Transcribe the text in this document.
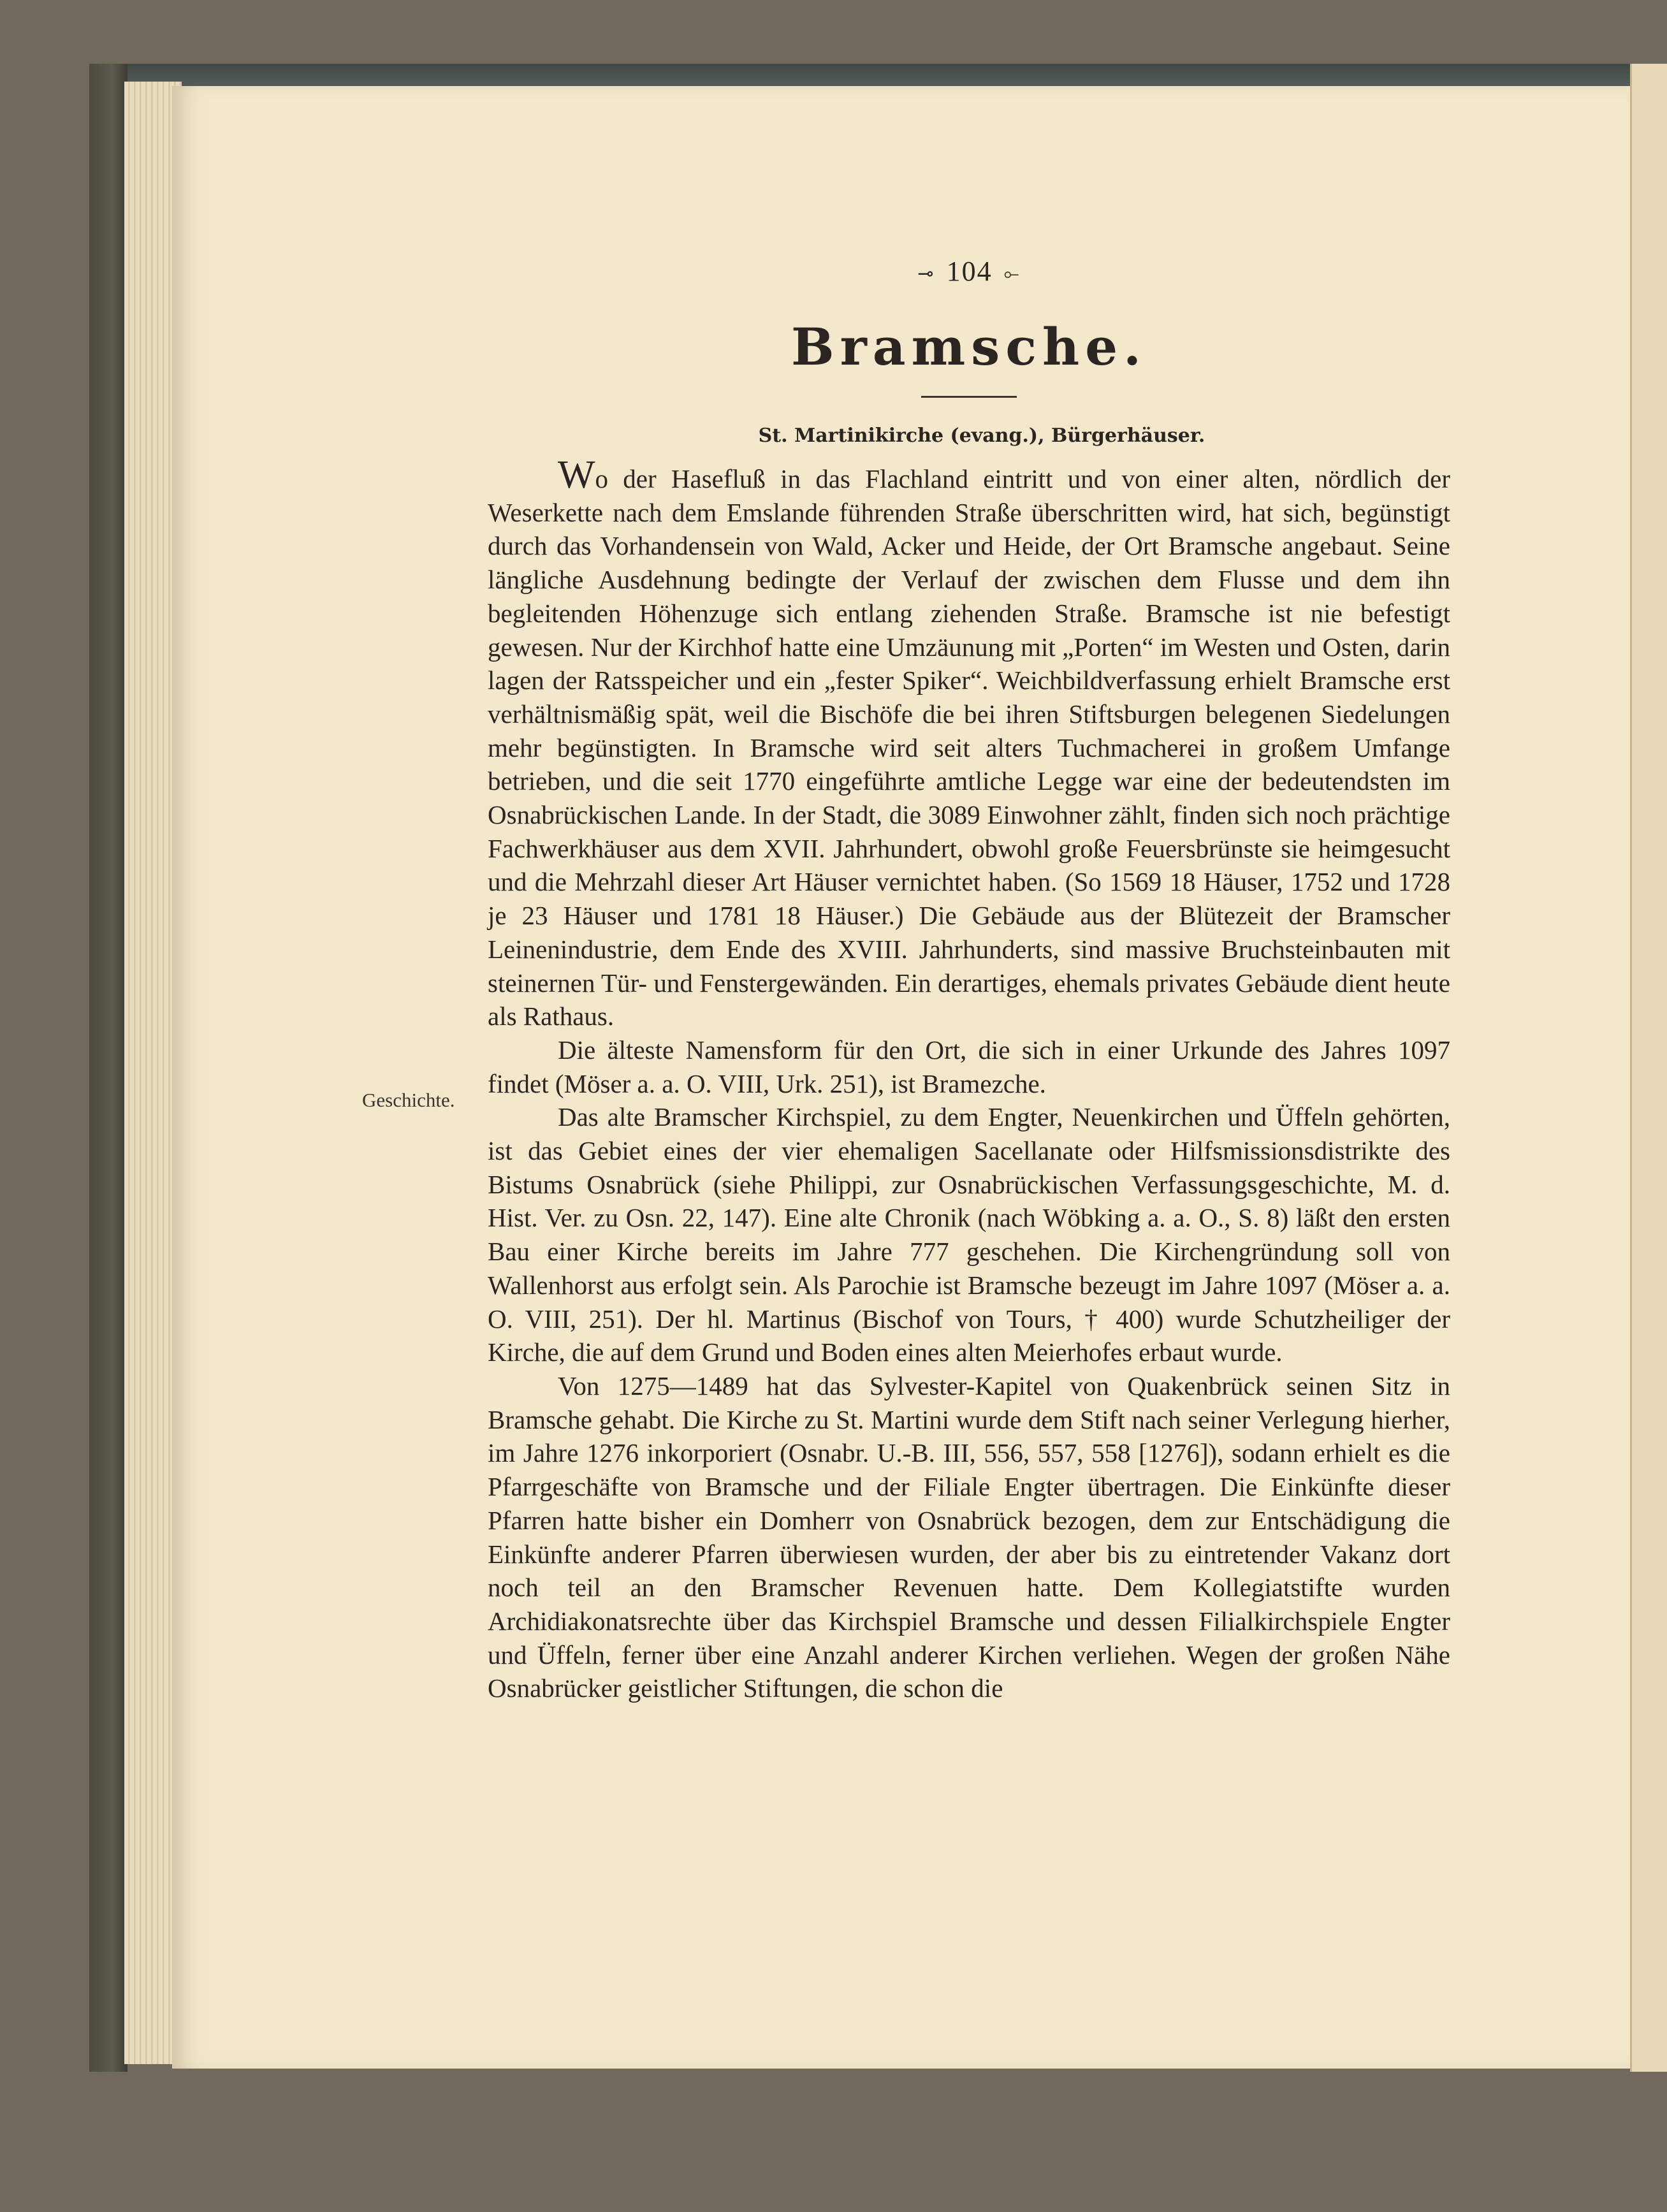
Geschichte.
⊸ 104 ⟜
Bramsche.
St. Martinikirche (evang.), Bürgerhäuser.

Wo der Hasefluß in das Flachland eintritt und von einer alten, nördlich der Weserkette nach dem Emslande führenden Straße überschritten wird, hat sich, begünstigt durch das Vorhandensein von Wald, Acker und Heide, der Ort Bramsche angebaut. Seine längliche Ausdehnung bedingte der Verlauf der zwischen dem Flusse und dem ihn begleitenden Höhenzuge sich entlang ziehenden Straße. Bramsche ist nie befestigt gewesen. Nur der Kirchhof hatte eine Umzäunung mit „Porten“ im Westen und Osten, darin lagen der Ratsspeicher und ein „fester Spiker“. Weichbildverfassung erhielt Bramsche erst verhältnismäßig spät, weil die Bischöfe die bei ihren Stiftsburgen belegenen Siedelungen mehr begünstigten. In Bramsche wird seit alters Tuchmacherei in großem Umfange betrieben, und die seit 1770 eingeführte amtliche Legge war eine der bedeutendsten im Osnabrückischen Lande. In der Stadt, die 3089 Einwohner zählt, finden sich noch prächtige Fachwerkhäuser aus dem XVII. Jahrhundert, obwohl große Feuersbrünste sie heimgesucht und die Mehrzahl dieser Art Häuser vernichtet haben. (So 1569 18 Häuser, 1752 und 1728 je 23 Häuser und 1781 18 Häuser.) Die Gebäude aus der Blütezeit der Bramscher Leinenindustrie, dem Ende des XVIII. Jahrhunderts, sind massive Bruchsteinbauten mit steinernen Tür- und Fenstergewänden. Ein derartiges, ehemals privates Gebäude dient heute als Rathaus.

Die älteste Namensform für den Ort, die sich in einer Urkunde des Jahres 1097 findet (Möser a. a. O. VIII, Urk. 251), ist Bramezche.

Das alte Bramscher Kirchspiel, zu dem Engter, Neuenkirchen und Üffeln gehörten, ist das Gebiet eines der vier ehemaligen Sacellanate oder Hilfsmissionsdistrikte des Bistums Osnabrück (siehe Philippi, zur Osnabrückischen Verfassungsgeschichte, M. d. Hist. Ver. zu Osn. 22, 147). Eine alte Chronik (nach Wöbking a. a. O., S. 8) läßt den ersten Bau einer Kirche bereits im Jahre 777 geschehen. Die Kirchengründung soll von Wallenhorst aus erfolgt sein. Als Parochie ist Bramsche bezeugt im Jahre 1097 (Möser a. a. O. VIII, 251). Der hl. Martinus (Bischof von Tours, † 400) wurde Schutzheiliger der Kirche, die auf dem Grund und Boden eines alten Meierhofes erbaut wurde.

Von 1275—1489 hat das Sylvester-Kapitel von Quakenbrück seinen Sitz in Bramsche gehabt. Die Kirche zu St. Martini wurde dem Stift nach seiner Verlegung hierher, im Jahre 1276 inkorporiert (Osnabr. U.-B. III, 556, 557, 558 [1276]), sodann erhielt es die Pfarrgeschäfte von Bramsche und der Filiale Engter übertragen. Die Einkünfte dieser Pfarren hatte bisher ein Domherr von Osnabrück bezogen, dem zur Entschädigung die Einkünfte anderer Pfarren überwiesen wurden, der aber bis zu eintretender Vakanz dort noch teil an den Bramscher Revenuen hatte. Dem Kollegiatstifte wurden Archidiakonatsrechte über das Kirchspiel Bramsche und dessen Filialkirchspiele Engter und Üffeln, ferner über eine Anzahl anderer Kirchen verliehen. Wegen der großen Nähe Osnabrücker geistlicher Stiftungen, die schon die
